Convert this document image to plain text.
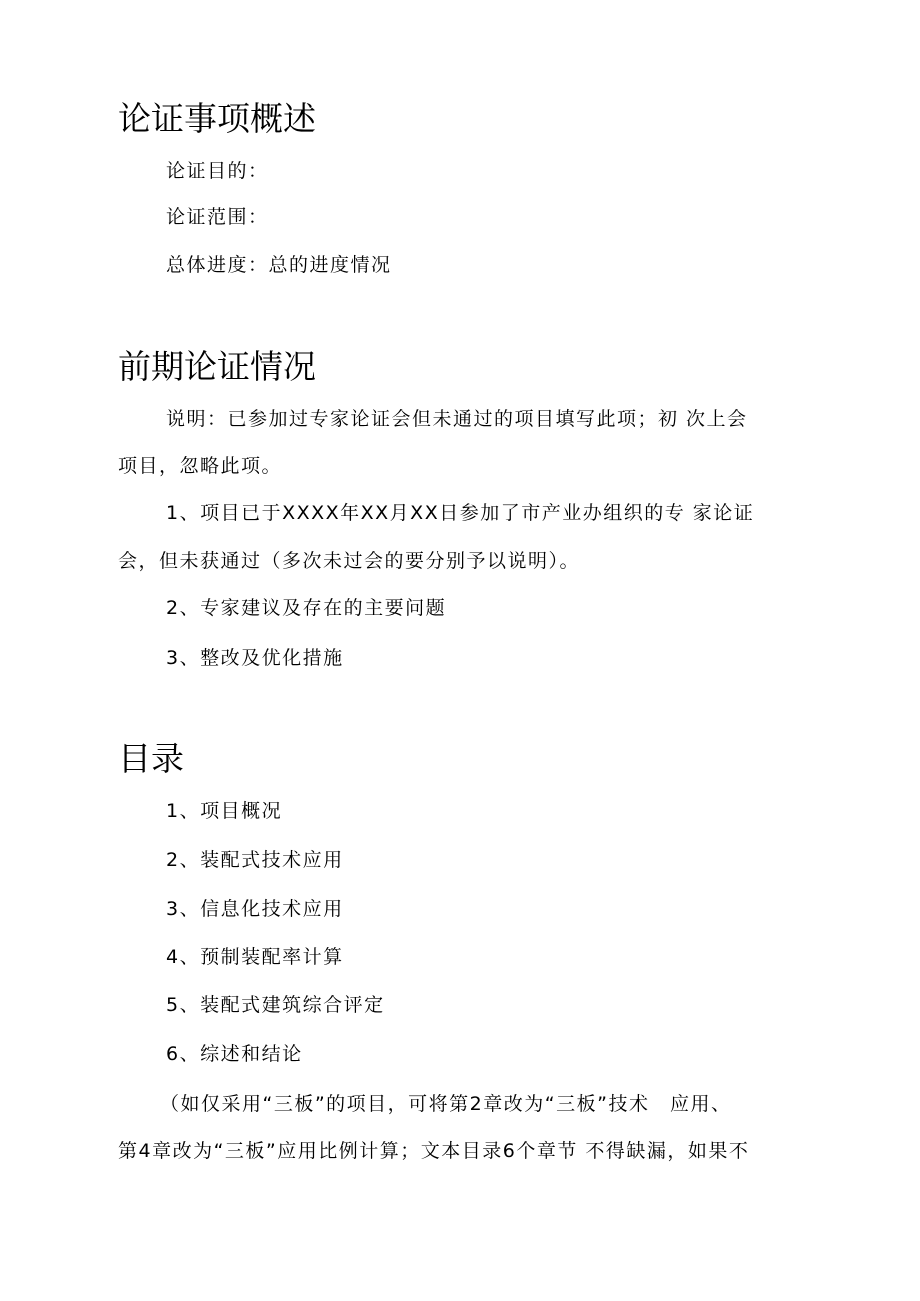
论证事项概述
论证目的：
论证范围：
总体进度：总的进度情况
前期论证情况
说明：已参加过专家论证会但未通过的项目填写此项；初 次上会
项目，忽略此项。
1、项目已于XXXX年XX月XX日参加了市产业办组织的专 家论证
会，但未获通过（多次未过会的要分别予以说明）。
2、专家建议及存在的主要问题
3、整改及优化措施
目录
1、项目概况
2、装配式技术应用
3、信息化技术应用
4、预制装配率计算
5、装配式建筑综合评定
6、综述和结论
（如仅采用“三板”的项目，可将第2章改为“三板”技术　应用、
第4章改为“三板”应用比例计算；文本目录6个章节 不得缺漏，如果不
